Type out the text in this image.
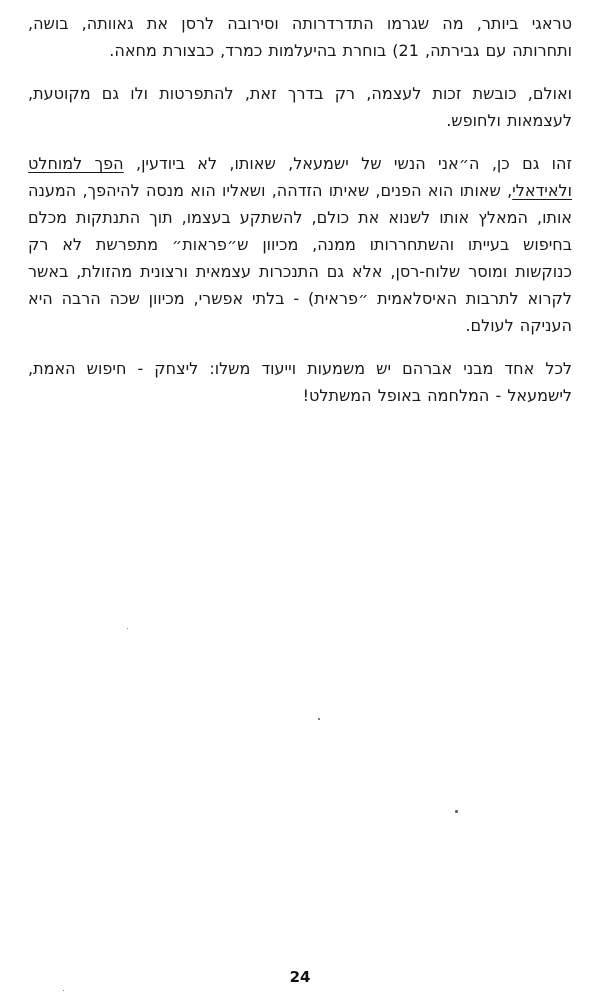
טראגי ביותר, מה שגרמו התדרדרותה וסירובה לרסן את גאוותה, בושה, ותחרותה עם גבירתה, 21) בוחרת בהיעלמות כמרד, כבצורת מחאה.

ואולם, כובשת זכות לעצמה, רק בדרך זאת, להתפרטות ולו גם מקוטעת, לעצמאות ולחופש.

זהו גם כן, ה״אני הנשי של ישמעאל, שאותו, לא ביודעין, הפך למוחלט ולאידאלי, שאותו הוא הפנים, שאיתו הזדהה, ושאליו הוא מנסה להיהפך, המענה אותו, המאלץ אותו לשנוא את כולם, להשתקע בעצמו, תוך התנתקות מכלם בחיפוש בעייתו והשתחררותו ממנה, מכיוון ש״פראות״ מתפרשת לא רק כנוקשות ומוסר שלוח-רסן, אלא גם התנכרות עצמאית ורצונית מהזולת, באשר לקרוא לתרבות האיסלאמית ״פראית) - בלתי אפשרי, מכיוון שכה הרבה היא העניקה לעולם.

לכל אחד מבני אברהם יש משמעות וייעוד משלו: ליצחק - חיפוש האמת, לישמעאל - המלחמה באופל המשתלט!

24
